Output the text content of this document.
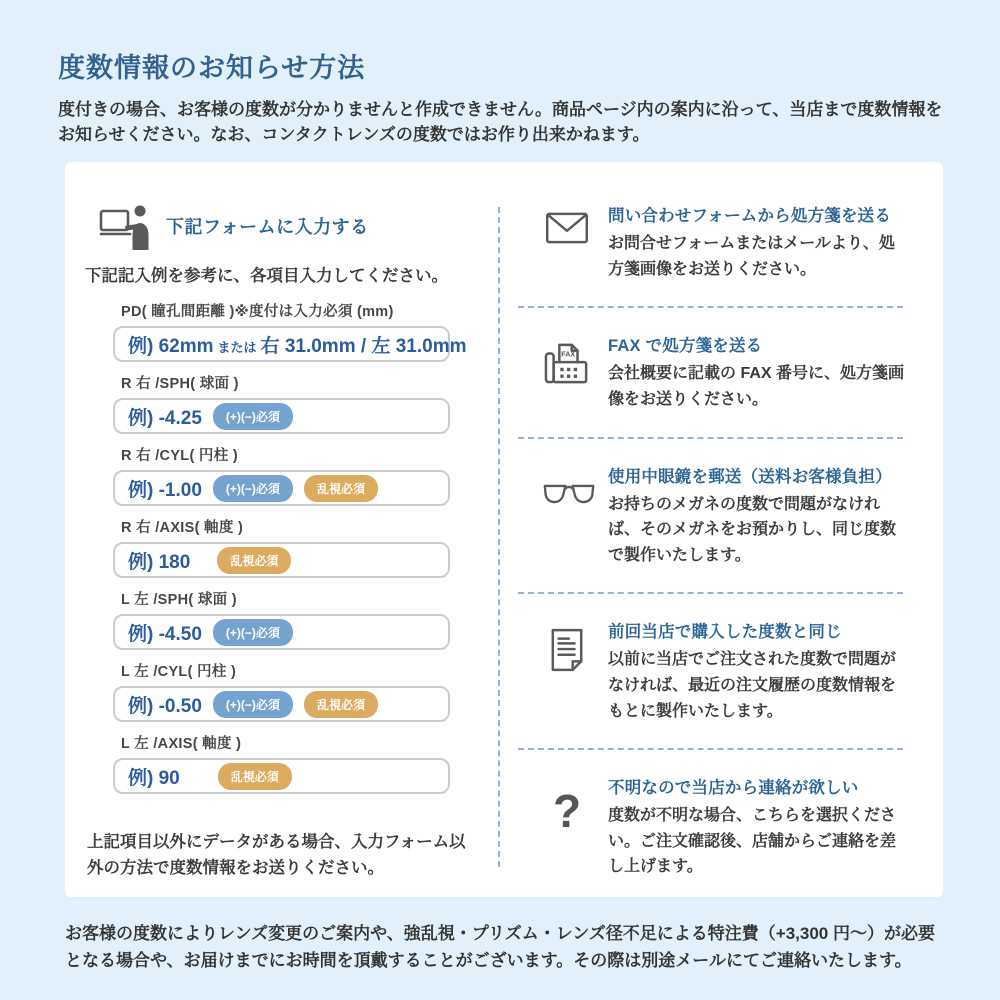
度数情報のお知らせ方法

度付きの場合、お客様の度数が分かりませんと作成できません。商品ページ内の案内に沿って、当店まで度数情報をお知らせください。なお、コンタクトレンズの度数ではお作り出来かねます。

下記フォームに入力する

下記記入例を参考に、各項目入力してください。

PD( 瞳孔間距離 )※度付は入力必須 (mm)
例) 62mm または 右 31.0mm / 左 31.0mm
R 右 /SPH( 球面 )
例) -4.25	(+)(−)必須
R 右 /CYL( 円柱 )
例) -1.00	(+)(−)必須	乱視必須
R 右 /AXIS( 軸度 )
例) 180	乱視必須
L 左 /SPH( 球面 )
例) -4.50	(+)(−)必須
L 左 /CYL( 円柱 )
例) -0.50	(+)(−)必須	乱視必須
L 左 /AXIS( 軸度 )
例) 90	乱視必須

上記項目以外にデータがある場合、入力フォーム以外の方法で度数情報をお送りください。

問い合わせフォームから処方箋を送る
お問合せフォームまたはメールより、処方箋画像をお送りください。
FAX FAX で処方箋を送る
会社概要に記載の FAX 番号に、処方箋画像をお送りください。
使用中眼鏡を郵送（送料お客様負担）
お持ちのメガネの度数で問題がなければ、そのメガネをお預かりし、同じ度数で製作いたします。
前回当店で購入した度数と同じ
以前に当店でご注文された度数で問題がなければ、最近の注文履歴の度数情報をもとに製作いたします。
?	不明なので当店から連絡が欲しい
度数が不明な場合、こちらを選択ください。ご注文確認後、店舗からご連絡を差し上げます。

お客様の度数によりレンズ変更のご案内や、強乱視・プリズム・レンズ径不足による特注費（+3,300 円〜）が必要となる場合や、お届けまでにお時間を頂戴することがございます。その際は別途メールにてご連絡いたします。
